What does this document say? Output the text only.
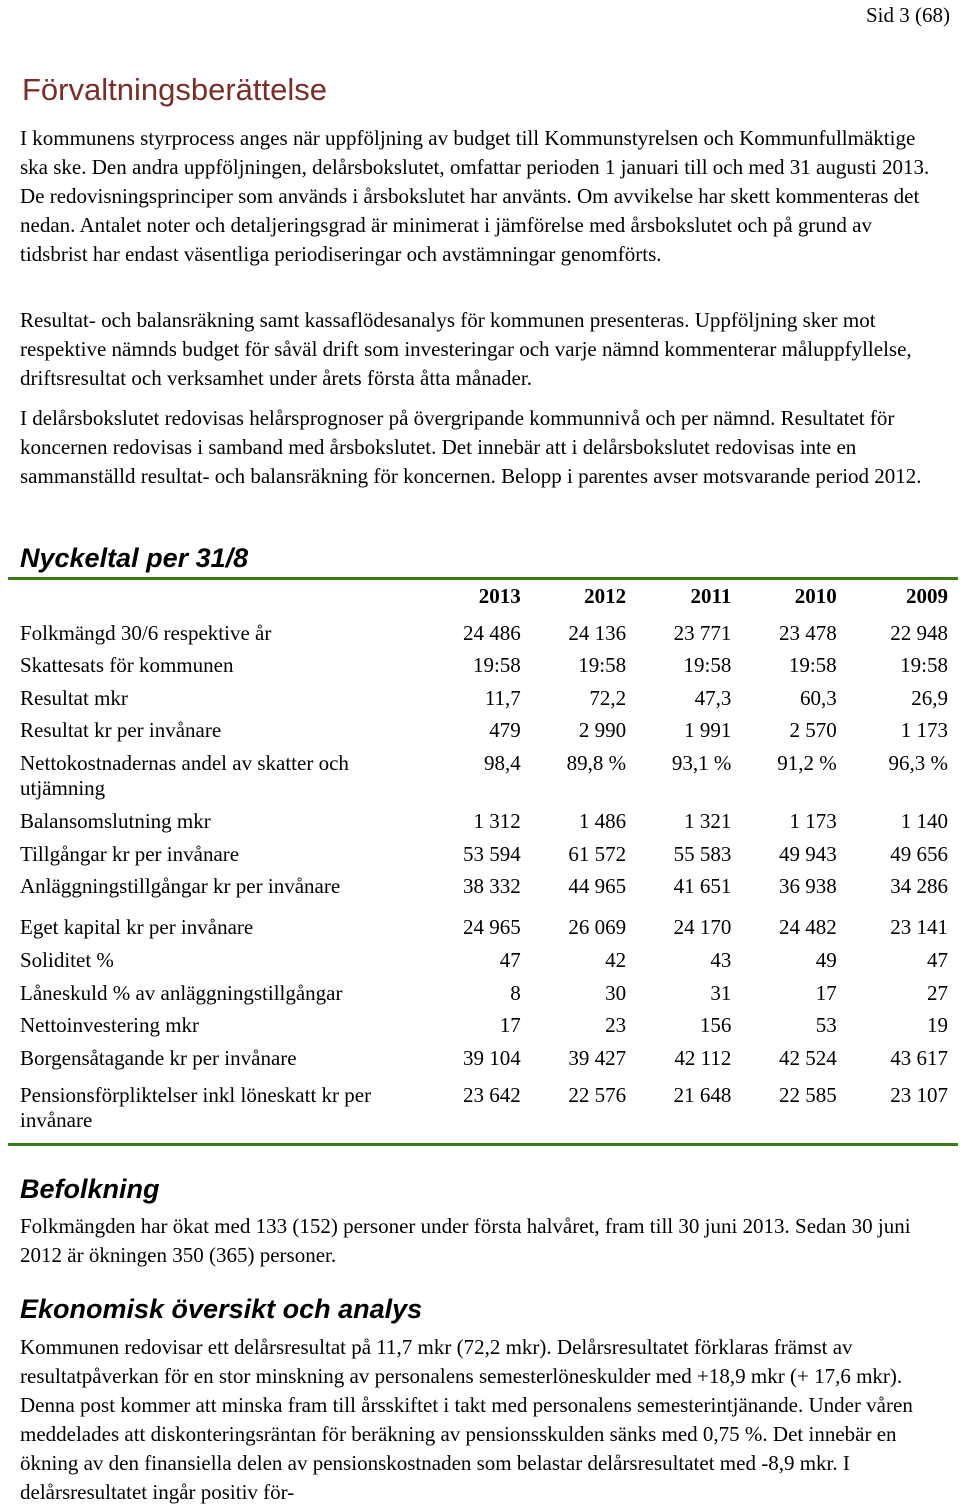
Sid 3 (68)
Förvaltningsberättelse

I kommunens styrprocess anges när uppföljning av budget till Kommunstyrelsen och Kommunfullmäktige ska ske. Den andra uppföljningen, delårsbokslutet, omfattar perioden 1 januari till och med 31 augusti 2013. De redovisningsprinciper som används i årsbokslutet har använts. Om avvikelse har skett kommenteras det nedan. Antalet noter och detaljeringsgrad är minimerat i jämförelse med årsbokslutet och på grund av tidsbrist har endast väsentliga periodiseringar och avstämningar genomförts.

Resultat- och balansräkning samt kassaflödesanalys för kommunen presenteras. Uppföljning sker mot respektive nämnds budget för såväl drift som investeringar och varje nämnd kommenterar måluppfyllelse, driftsresultat och verksamhet under årets första åtta månader.

I delårsbokslutet redovisas helårsprognoser på övergripande kommunnivå och per nämnd. Resultatet för koncernen redovisas i samband med årsbokslutet. Det innebär att i delårsbokslutet redovisas inte en sammanställd resultat- och balansräkning för koncernen. Belopp i parentes avser motsvarande period 2012.

Nyckeltal per 31/8
	2013	2012	2011	2010	2009
Folkmängd 30/6 respektive år	24 486	24 136	23 771	23 478	22 948
Skattesats för kommunen	19:58	19:58	19:58	19:58	19:58
Resultat mkr	11,7	72,2	47,3	60,3	26,9
Resultat kr per invånare	479	2 990	1 991	2 570	1 173
Nettokostnadernas andel av skatter och utjämning	98,4	89,8 %	93,1 %	91,2 %	96,3 %
Balansomslutning mkr	1 312	1 486	1 321	1 173	1 140
Tillgångar kr per invånare	53 594	61 572	55 583	49 943	49 656
Anläggningstillgångar kr per invånare	38 332	44 965	41 651	36 938	34 286
Eget kapital kr per invånare	24 965	26 069	24 170	24 482	23 141
Soliditet %	47	42	43	49	47
Låneskuld % av anläggningstillgångar	8	30	31	17	27
Nettoinvestering mkr	17	23	156	53	19
Borgensåtagande kr per invånare	39 104	39 427	42 112	42 524	43 617
Pensionsförpliktelser inkl löneskatt kr per invånare	23 642	22 576	21 648	22 585	23 107
Befolkning

Folkmängden har ökat med 133 (152) personer under första halvåret, fram till 30 juni 2013. Sedan 30 juni 2012 är ökningen 350 (365) personer.

Ekonomisk översikt och analys

Kommunen redovisar ett delårsresultat på 11,7 mkr (72,2 mkr). Delårsresultatet förklaras främst av resultatpåverkan för en stor minskning av personalens semesterlöneskulder med +18,9 mkr (+ 17,6 mkr). Denna post kommer att minska fram till årsskiftet i takt med personalens semesterintjänande. Under våren meddelades att diskonteringsräntan för beräkning av pensionsskulden sänks med 0,75 %. Det innebär en ökning av den finansiella delen av pensionskostnaden som belastar delårsresultatet med -8,9 mkr. I delårsresultatet ingår positiv för-
